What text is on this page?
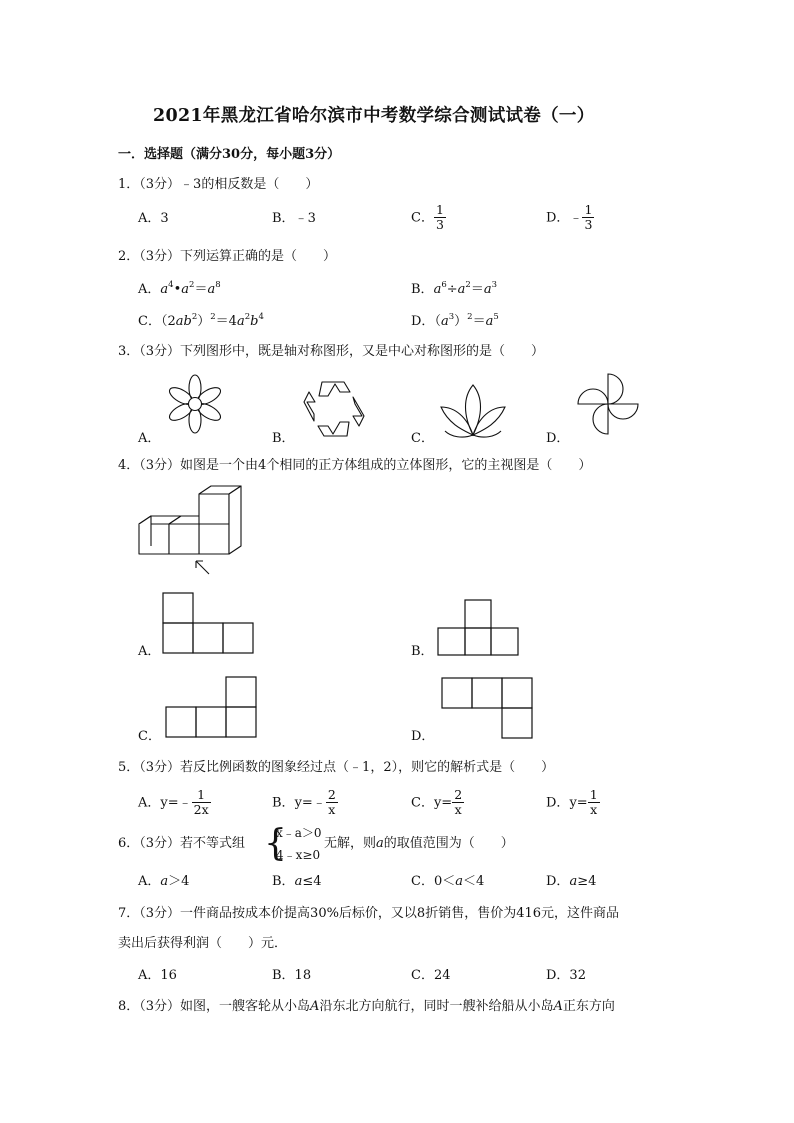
2021年黑龙江省哈尔滨市中考数学综合测试试卷（一）
一．选择题（满分30分，每小题3分）
1．（3分）﹣3的相反数是（　　）
A．3	B．﹣3	C． $\frac{1}{3}$	D．﹣ $\frac{1}{3}$
2．（3分）下列运算正确的是（　　）
A．$a^4•a^2=a^8$	B．$a^6\div a^2=a^3$
C．$(2ab^2)^2=4a^2b^4$	D．$(a^3)^2=a^5$
3．（3分）下列图形中，既是轴对称图形，又是中心对称图形的是（　　）
A．	B．	C．	D．
4．（3分）如图是一个由4个相同的正方体组成的立体图形，它的主视图是（　　）
A．	B．
C．	D．
5．（3分）若反比例函数的图象经过点（﹣1，2），则它的解析式是（　　）
A．y=﹣ $\frac{1}{2x}$	B．y=﹣ $\frac{2}{x}$	C．$y= \frac{2}{x}$	D．$y= \frac{1}{x}$
6．（3分）若不等式组 {
x﹣a＞0
4﹣x≥0
无解，则a的取值范围为（　　）
A．a＞4	B．a≤4	C．0＜a＜4	D．a≥4
7．（3分）一件商品按成本价提高30%后标价，又以8折销售，售价为416元，这件商品
卖出后获得利润（　　）元．
A．16	B．18	C．24	D．32
8．（3分）如图，一艘客轮从小岛A沿东北方向航行，同时一艘补给船从小岛A正东方向
